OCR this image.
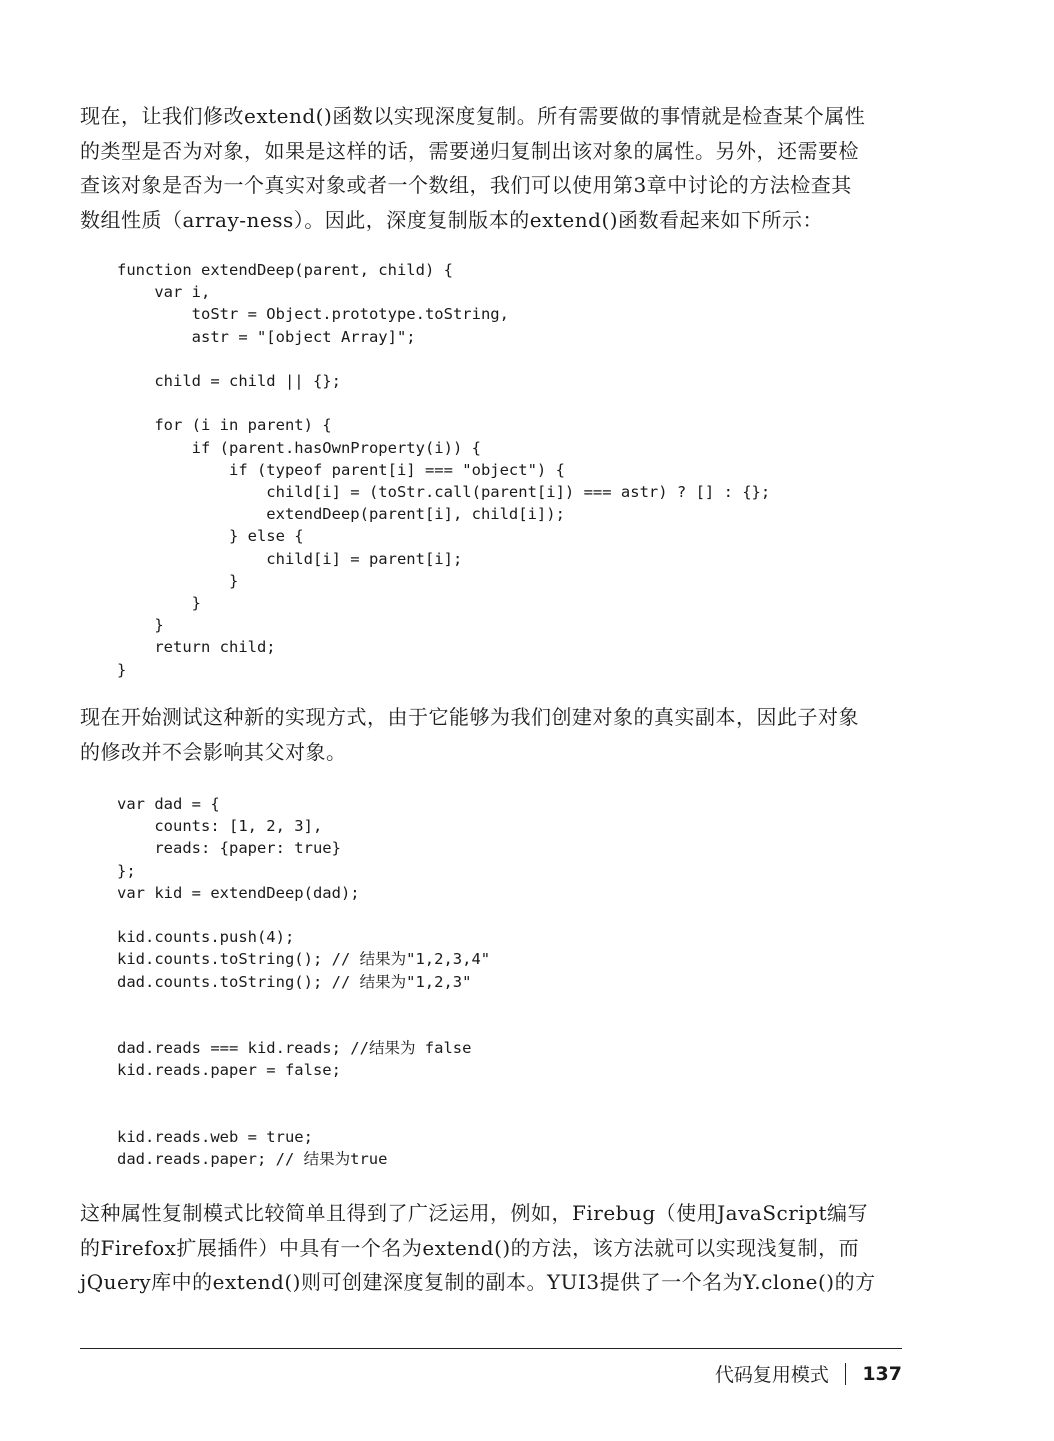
现在，让我们修改extend()函数以实现深度复制。所有需要做的事情就是检查某个属性
的类型是否为对象，如果是这样的话，需要递归复制出该对象的属性。另外，还需要检
查该对象是否为一个真实对象或者一个数组，我们可以使用第3章中讨论的方法检查其
数组性质（array-ness）。因此，深度复制版本的extend()函数看起来如下所示：

function extendDeep(parent, child) {
var i,
toStr = Object.prototype.toString,
astr = "[object Array]";

child = child || {};

for (i in parent) {
if (parent.hasOwnProperty(i)) {
if (typeof parent[i] === "object") {
child[i] = (toStr.call(parent[i]) === astr) ? [] : {};
extendDeep(parent[i], child[i]);
} else {
child[i] = parent[i];
}
}
}
return child;
}

现在开始测试这种新的实现方式，由于它能够为我们创建对象的真实副本，因此子对象
的修改并不会影响其父对象。

var dad = {
counts: [1, 2, 3],
reads: {paper: true}
};
var kid = extendDeep(dad);

kid.counts.push(4);
kid.counts.toString(); // 结果为"1,2,3,4"
dad.counts.toString(); // 结果为"1,2,3"

dad.reads === kid.reads; //结果为 false
kid.reads.paper = false;

kid.reads.web = true;
dad.reads.paper; // 结果为true

这种属性复制模式比较简单且得到了广泛运用，例如，Firebug（使用JavaScript编写
的Firefox扩展插件）中具有一个名为extend()的方法，该方法就可以实现浅复制，而
jQuery库中的extend()则可创建深度复制的副本。YUI3提供了一个名为Y.clone()的方

代码复用模式 137
